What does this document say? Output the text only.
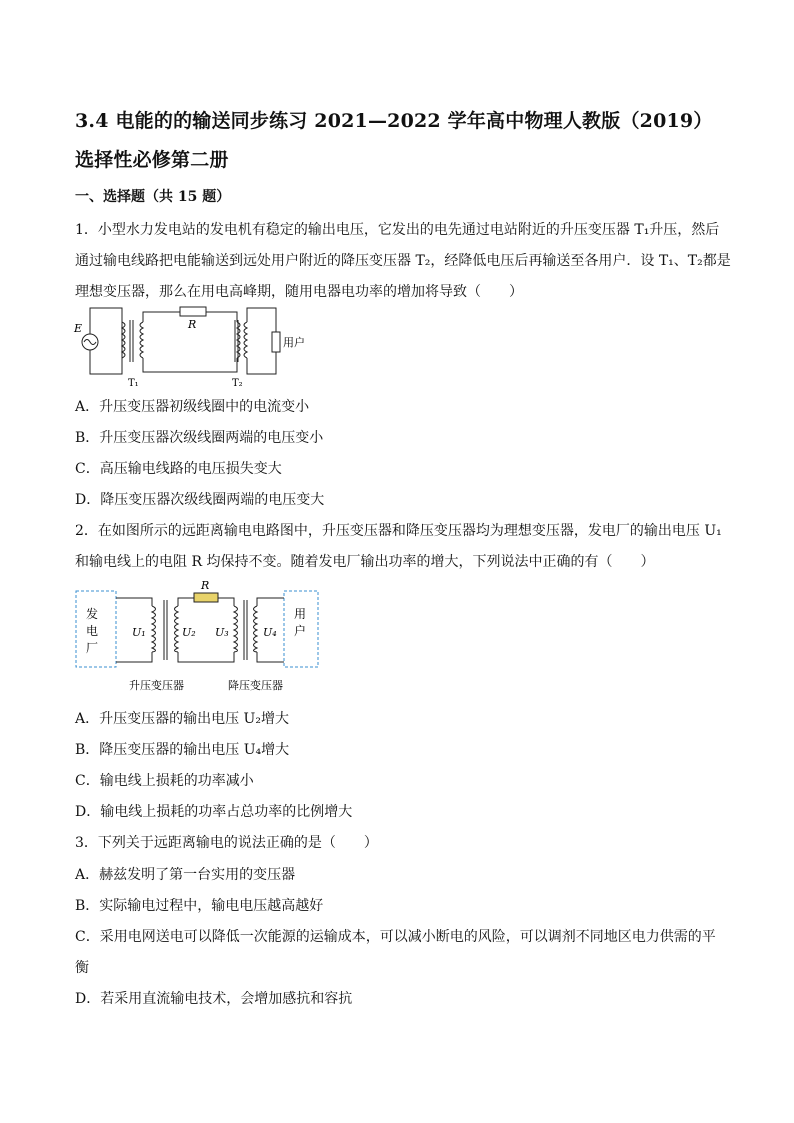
3.4 电能的的输送同步练习 2021—2022 学年高中物理人教版（2019）
选择性必修第二册
一、选择题（共 15 题）
1．小型水力发电站的发电机有稳定的输出电压，它发出的电先通过电站附近的升压变压器 T₁升压，然后
通过输电线路把电能输送到远处用户附近的降压变压器 T₂，经降低电压后再输送至各用户．设 T₁、T₂都是
理想变压器，那么在用电高峰期，随用电器电功率的增加将导致（　　）
E	R
用户
T₁	T₂
A．升压变压器初级线圈中的电流变小
B．升压变压器次级线圈两端的电压变小
C．高压输电线路的电压损失变大
D．降压变压器次级线圈两端的电压变大
2．在如图所示的远距离输电电路图中，升压变压器和降压变压器均为理想变压器，发电厂的输出电压 U₁
和输电线上的电阻 R 均保持不变。随着发电厂输出功率的增大，下列说法中正确的有（　　）
发
电
厂
用
户
R
U₁	U₂ U₃	U₄
升压变压器	降压变压器
A．升压变压器的输出电压 U₂增大
B．降压变压器的输出电压 U₄增大
C．输电线上损耗的功率减小
D．输电线上损耗的功率占总功率的比例增大
3．下列关于远距离输电的说法正确的是（　　）
A．赫兹发明了第一台实用的变压器
B．实际输电过程中，输电电压越高越好
C．采用电网送电可以降低一次能源的运输成本，可以减小断电的风险，可以调剂不同地区电力供需的平
衡
D．若采用直流输电技术，会增加感抗和容抗
